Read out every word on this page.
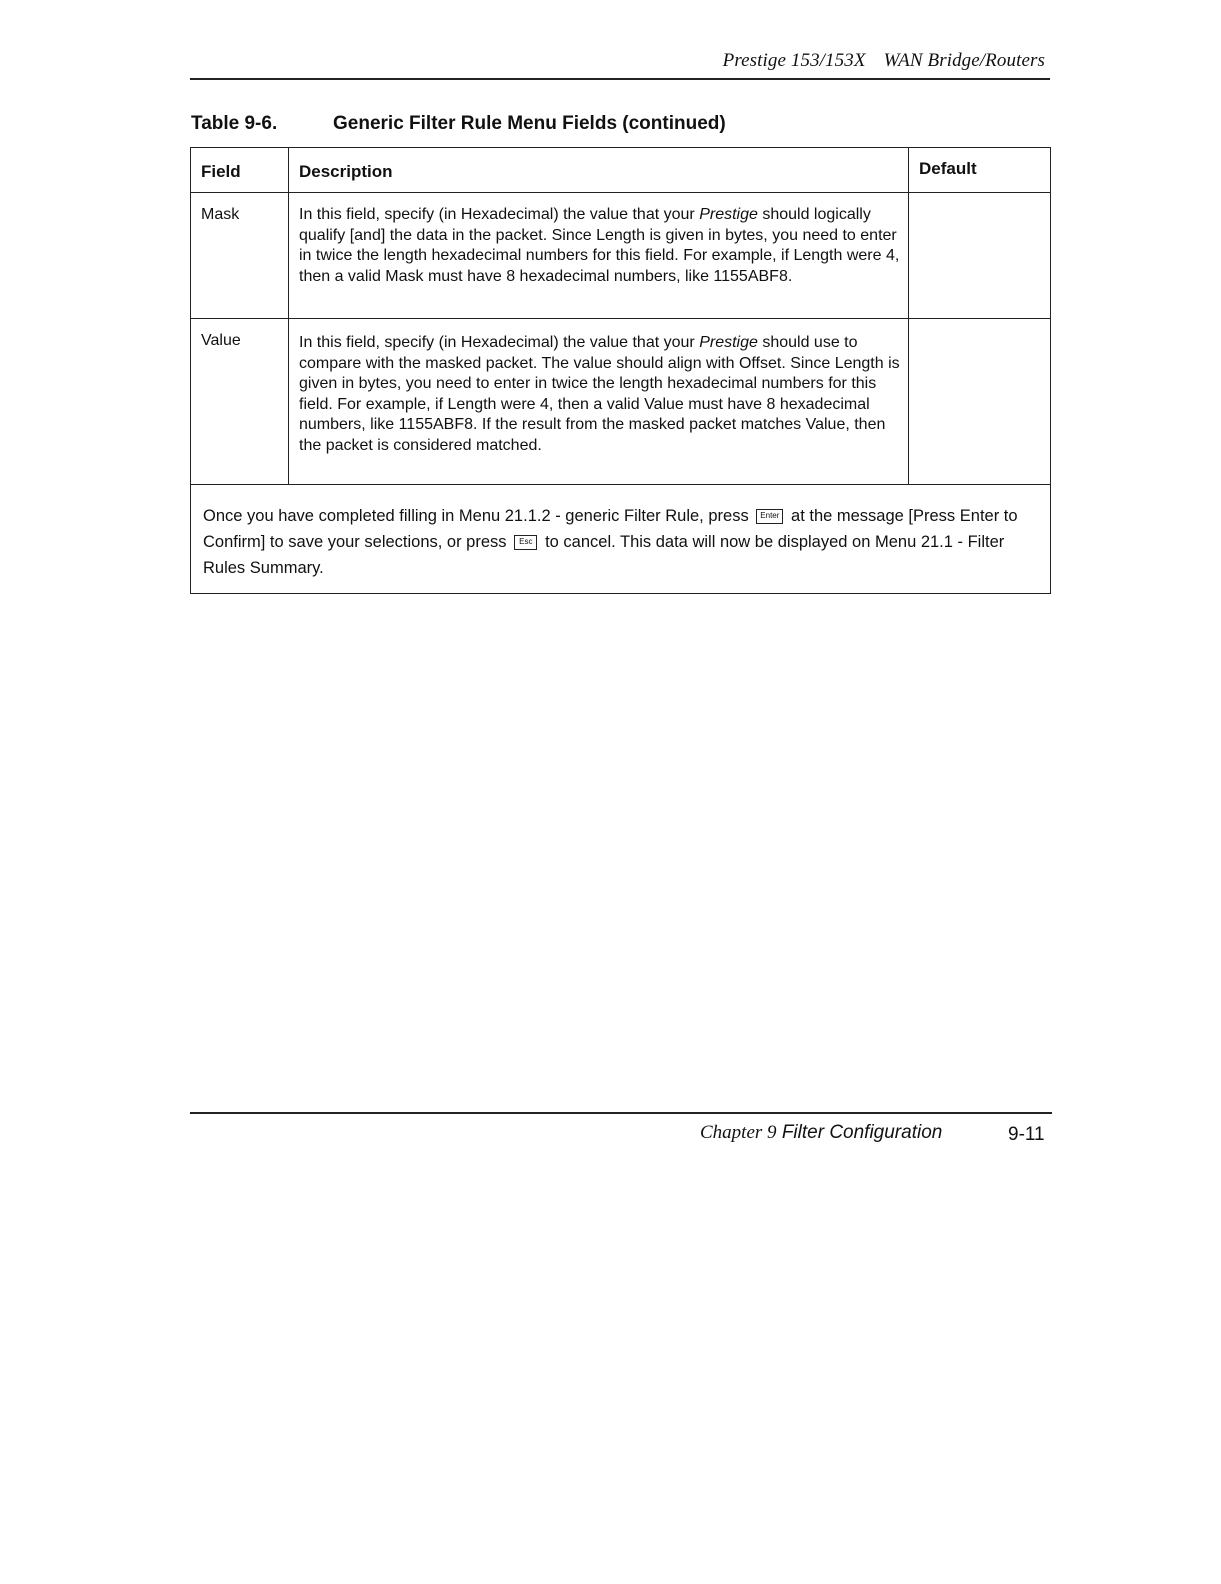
Prestige 153/153X WAN Bridge/Routers
Table 9-6.	Generic Filter Rule Menu Fields (continued)
Field	Description	Default

Mask	In this field, specify (in Hexadecimal) the value that your Prestige should logically qualify [and] the data in the packet. Since Length is given in bytes, you need to enter in twice the length hexadecimal numbers for this field. For example, if Length were 4, then a valid Mask must have 8 hexadecimal numbers, like 1155ABF8.	

Value	In this field, specify (in Hexadecimal) the value that your Prestige should use to compare with the masked packet. The value should align with Offset. Since Length is given in bytes, you need to enter in twice the length hexadecimal numbers for this field. For example, if Length were 4, then a valid Value must have 8 hexadecimal numbers, like 1155ABF8. If the result from the masked packet matches Value, then the packet is considered matched.	

Once you have completed filling in Menu 21.1.2 - generic Filter Rule, press Enter at the message [Press Enter to Confirm] to save your selections, or press Esc to cancel. This data will now be displayed on Menu 21.1 - Filter Rules Summary.		
Chapter 9 Filter Configuration	9-11
